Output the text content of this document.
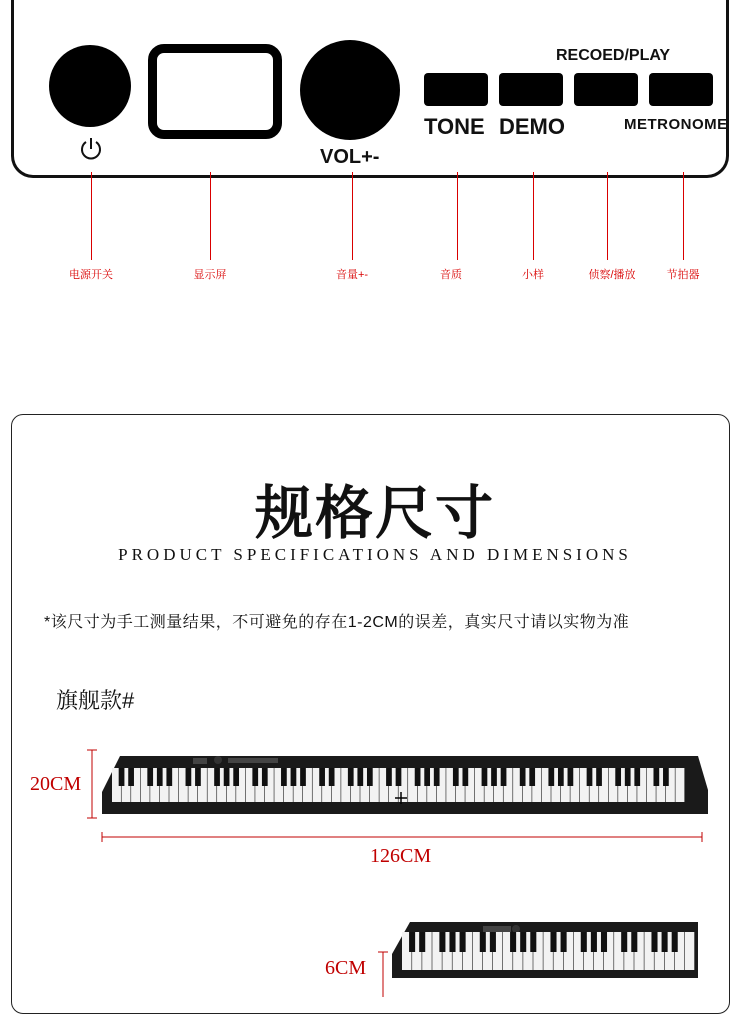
VOL+-
RECOED/PLAY
TONE DEMO	METRONOME
电源开关	显示屏	音量+-	音质	小样	侦察/播放	节拍器
规格尺寸
PRODUCT SPECIFICATIONS AND DIMENSIONS
*该尺寸为手工测量结果，不可避免的存在1-2CM的误差，真实尺寸请以实物为准
旗舰款#
20CM
126CM
6CM
